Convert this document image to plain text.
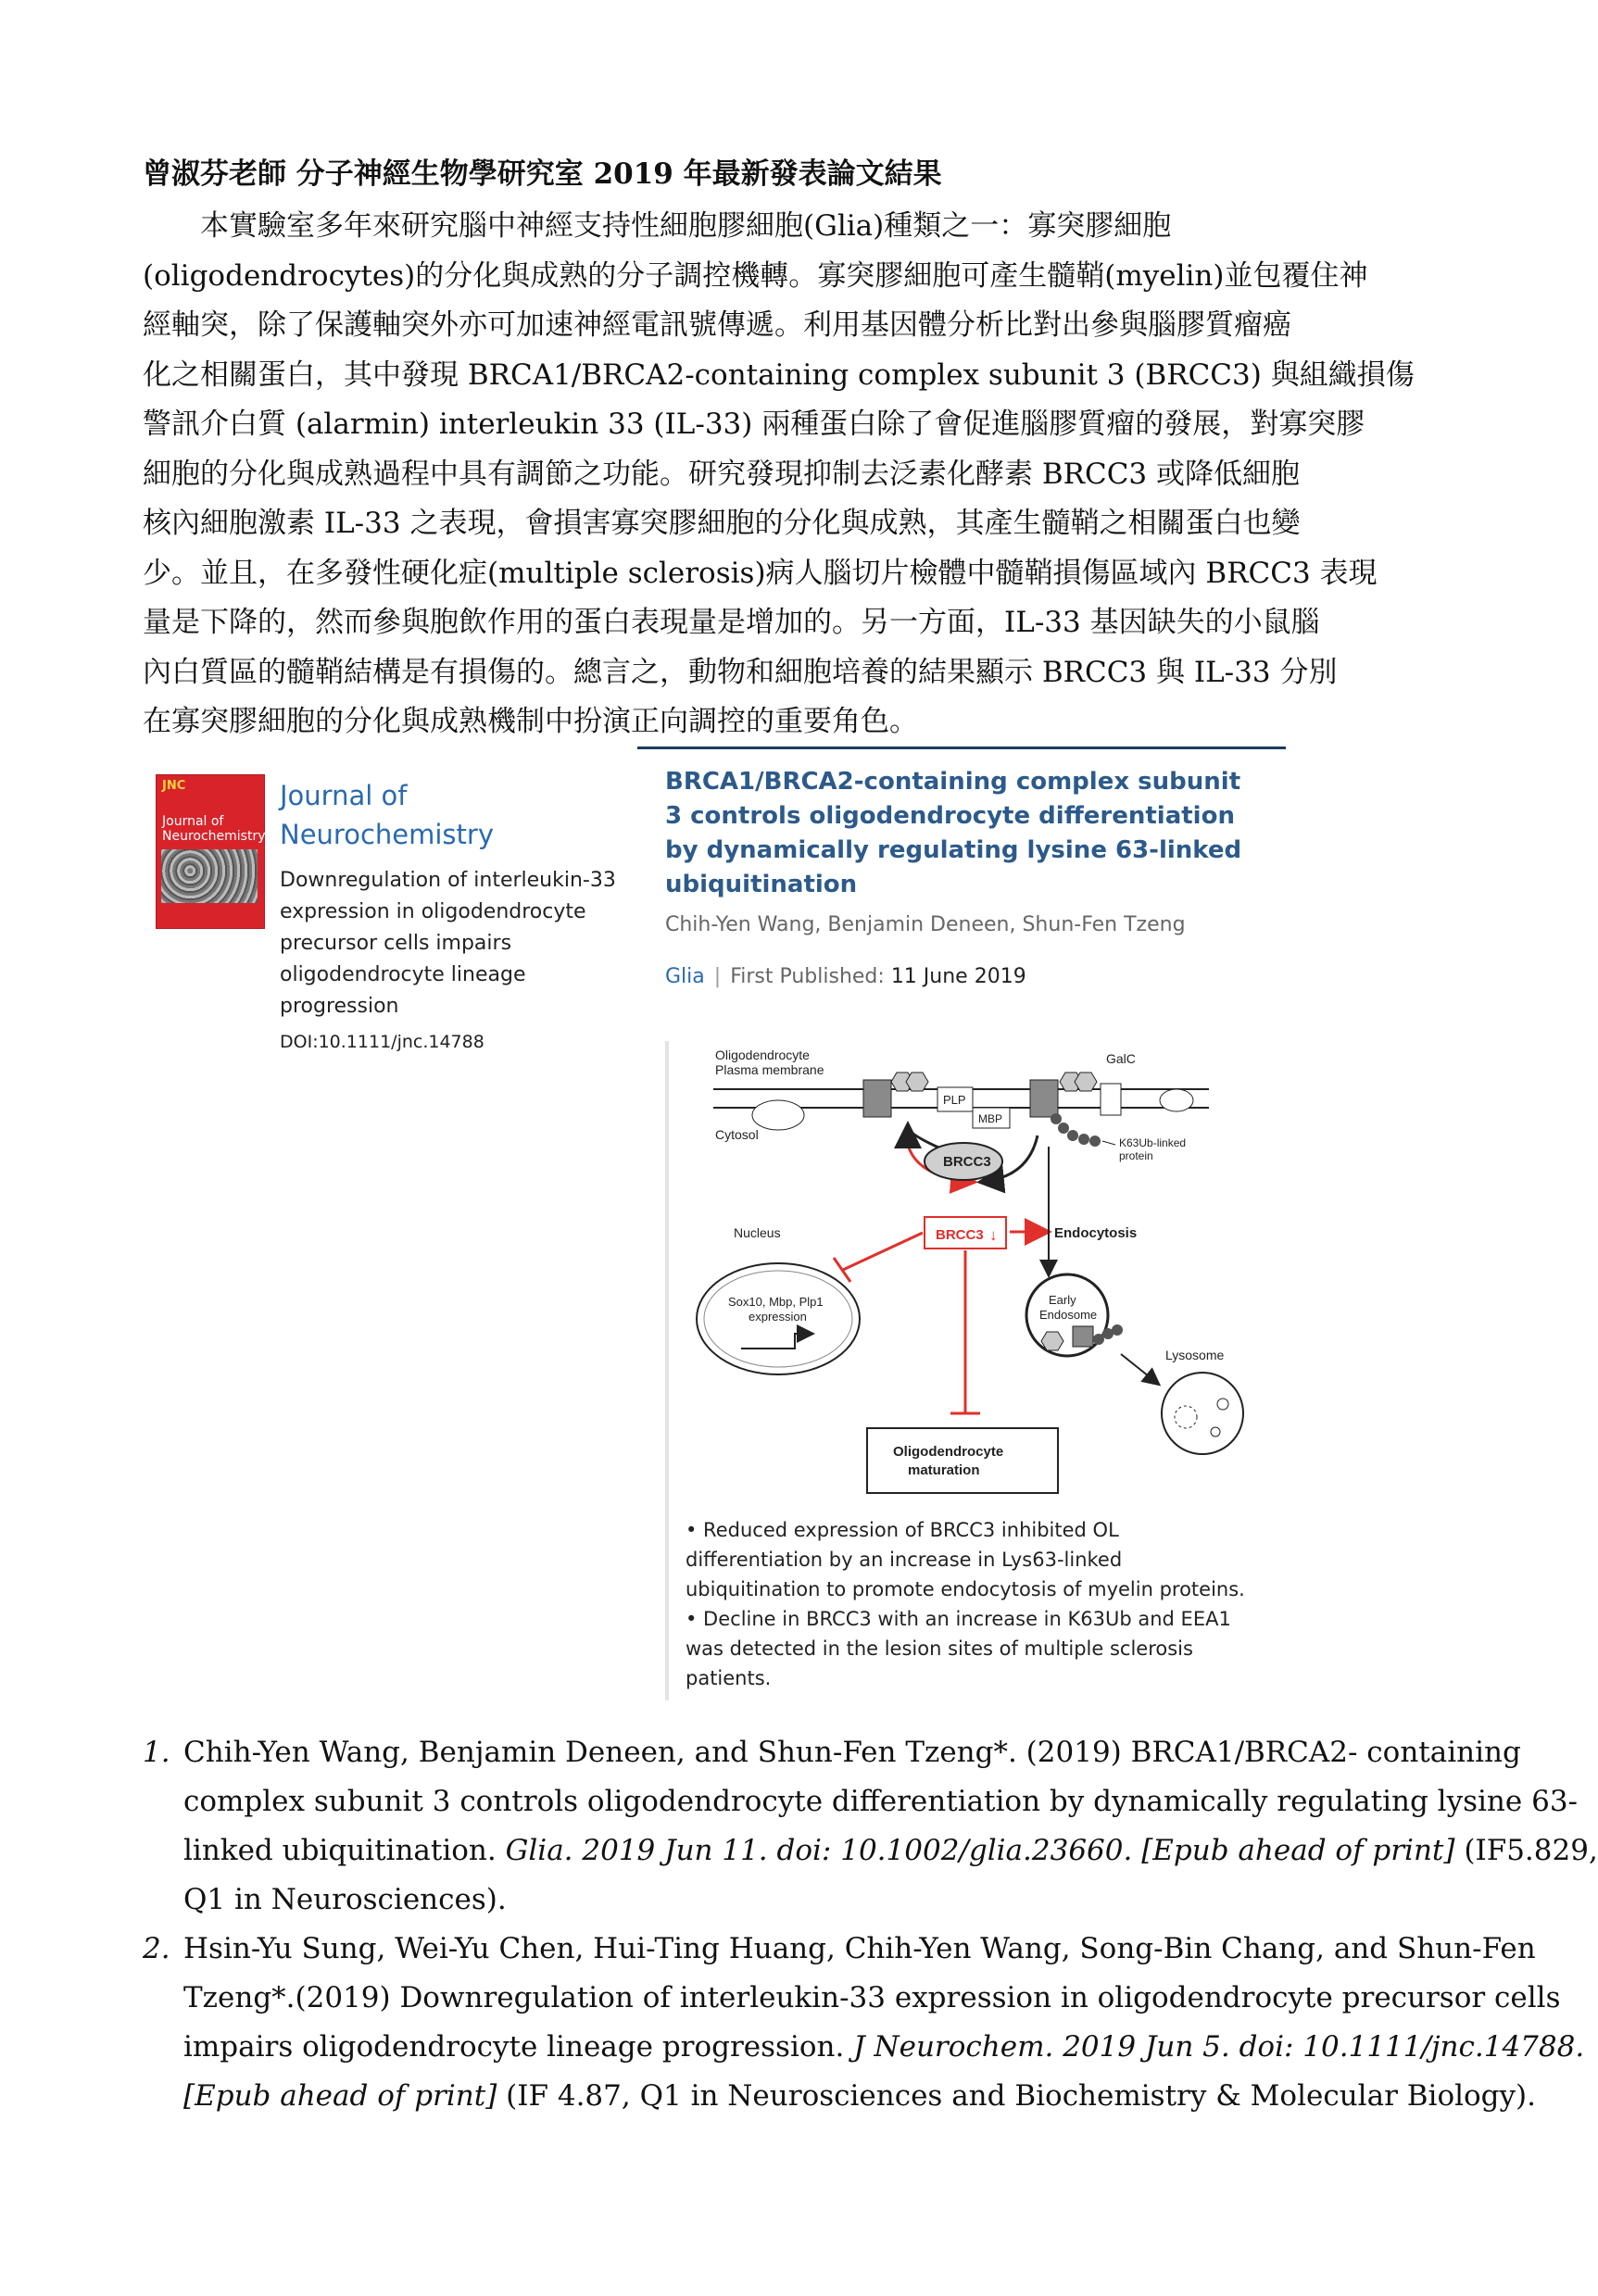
曾淑芬老師 分子神經生物學研究室 2019 年最新發表論文結果
　　本實驗室多年來研究腦中神經支持性細胞膠細胞(Glia)種類之一：寡突膠細胞
(oligodendrocytes)的分化與成熟的分子調控機轉。寡突膠細胞可產生髓鞘(myelin)並包覆住神
經軸突，除了保護軸突外亦可加速神經電訊號傳遞。利用基因體分析比對出參與腦膠質瘤癌
化之相關蛋白，其中發現 BRCA1/BRCA2-containing complex subunit 3 (BRCC3) 與組織損傷
警訊介白質 (alarmin) interleukin 33 (IL-33) 兩種蛋白除了會促進腦膠質瘤的發展，對寡突膠
細胞的分化與成熟過程中具有調節之功能。研究發現抑制去泛素化酵素 BRCC3 或降低細胞
核內細胞激素 IL-33 之表現，會損害寡突膠細胞的分化與成熟，其產生髓鞘之相關蛋白也變
少。並且，在多發性硬化症(multiple sclerosis)病人腦切片檢體中髓鞘損傷區域內 BRCC3 表現
量是下降的，然而參與胞飲作用的蛋白表現量是增加的。另一方面，IL-33 基因缺失的小鼠腦
內白質區的髓鞘結構是有損傷的。總言之，動物和細胞培養的結果顯示 BRCC3 與 IL-33 分別
在寡突膠細胞的分化與成熟機制中扮演正向調控的重要角色。
JNC
Journal of Neurochemistry
Journal of
Neurochemistry
Downregulation of interleukin-33 expression in oligodendrocyte precursor cells impairs oligodendrocyte lineage progression
DOI:10.1111/jnc.14788
BRCA1/BRCA2-containing complex subunit 3 controls oligodendrocyte differentiation by dynamically regulating lysine 63-linked ubiquitination
Chih-Yen Wang, Benjamin Deneen, Shun-Fen Tzeng
Glia | First Published: 11 June 2019
Oligodendrocyte
Plasma membrane
GalC
PLP
MBP
K63Ub-linked
protein
Cytosol
BRCC3
Nucleus	BRCC3 ↓	Endocytosis
Sox10, Mbp, Plp1
expression
Early
Endosome
Lysosome
Oligodendrocyte
maturation
• Reduced expression of BRCC3 inhibited OL differentiation by an increase in Lys63-linked ubiquitination to promote endocytosis of myelin proteins. • Decline in BRCC3 with an increase in K63Ub and EEA1 was detected in the lesion sites of multiple sclerosis patients.
1. Chih-Yen Wang, Benjamin Deneen, and Shun-Fen Tzeng*. (2019) BRCA1/BRCA2- containing
complex subunit 3 controls oligodendrocyte differentiation by dynamically regulating lysine 63-
linked ubiquitination. Glia. 2019 Jun 11. doi: 10.1002/glia.23660. [Epub ahead of print] (IF5.829,
Q1 in Neurosciences).
2. Hsin-Yu Sung, Wei-Yu Chen, Hui-Ting Huang, Chih-Yen Wang, Song-Bin Chang, and Shun-Fen
Tzeng*.(2019) Downregulation of interleukin-33 expression in oligodendrocyte precursor cells
impairs oligodendrocyte lineage progression. J Neurochem. 2019 Jun 5. doi: 10.1111/jnc.14788.
[Epub ahead of print] (IF 4.87, Q1 in Neurosciences and Biochemistry & Molecular Biology).
